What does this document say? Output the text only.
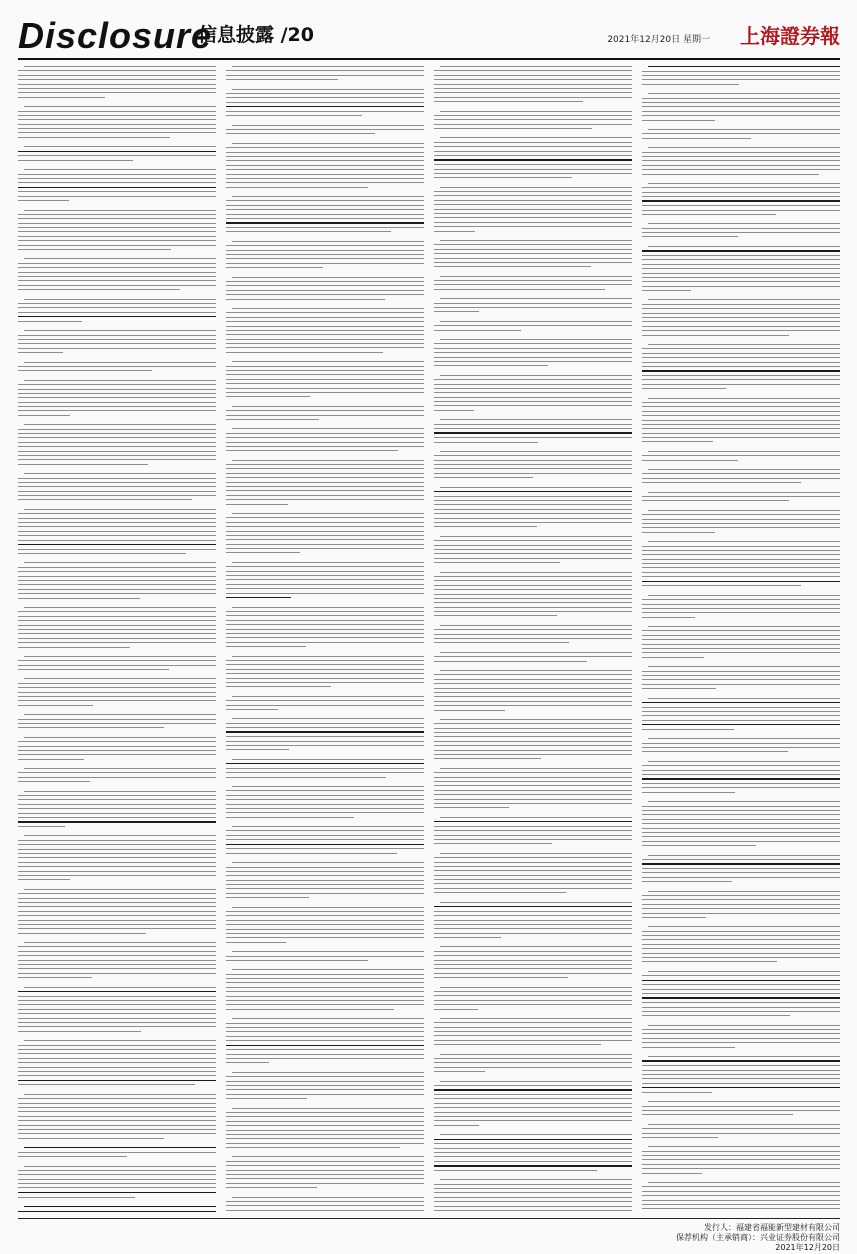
Disclosure
信息披露 /20	2021年12月20日 星期一 上海證券報
发行人：福建省福能新型建材有限公司
保荐机构（主承销商）：兴业证券股份有限公司
2021年12月20日
